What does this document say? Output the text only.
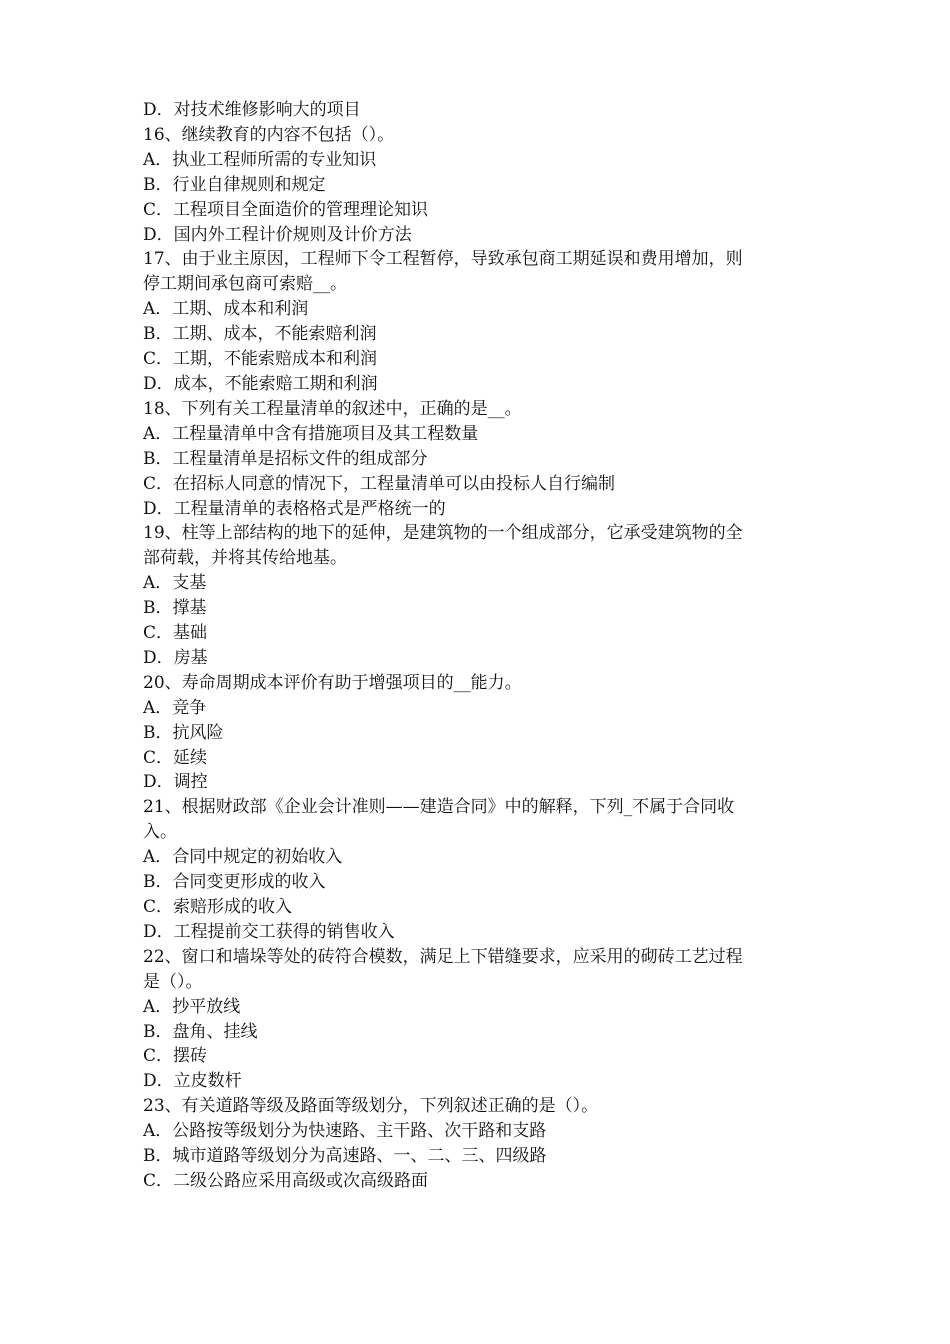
D．对技术维修影响大的项目
16、继续教育的内容不包括（）。
A．执业工程师所需的专业知识
B．行业自律规则和规定
C．工程项目全面造价的管理理论知识
D．国内外工程计价规则及计价方法
17、由于业主原因，工程师下令工程暂停，导致承包商工期延误和费用增加，则
停工期间承包商可索赔__。
A．工期、成本和利润
B．工期、成本，不能索赔利润
C．工期，不能索赔成本和利润
D．成本，不能索赔工期和利润
18、下列有关工程量清单的叙述中，正确的是__。
A．工程量清单中含有措施项目及其工程数量
B．工程量清单是招标文件的组成部分
C．在招标人同意的情况下，工程量清单可以由投标人自行编制
D．工程量清单的表格格式是严格统一的
19、柱等上部结构的地下的延伸，是建筑物的一个组成部分，它承受建筑物的全
部荷载，并将其传给地基。
A．支基
B．撑基
C．基础
D．房基
20、寿命周期成本评价有助于增强项目的__能力。
A．竞争
B．抗风险
C．延续
D．调控
21、根据财政部《企业会计准则——建造合同》中的解释，下列_不属于合同收
入。
A．合同中规定的初始收入
B．合同变更形成的收入
C．索赔形成的收入
D．工程提前交工获得的销售收入
22、窗口和墙垛等处的砖符合模数，满足上下错缝要求，应采用的砌砖工艺过程
是（）。
A．抄平放线
B．盘角、挂线
C．摆砖
D．立皮数杆
23、有关道路等级及路面等级划分，下列叙述正确的是（）。
A．公路按等级划分为快速路、主干路、次干路和支路
B．城市道路等级划分为高速路、一、二、三、四级路
C．二级公路应采用高级或次高级路面
